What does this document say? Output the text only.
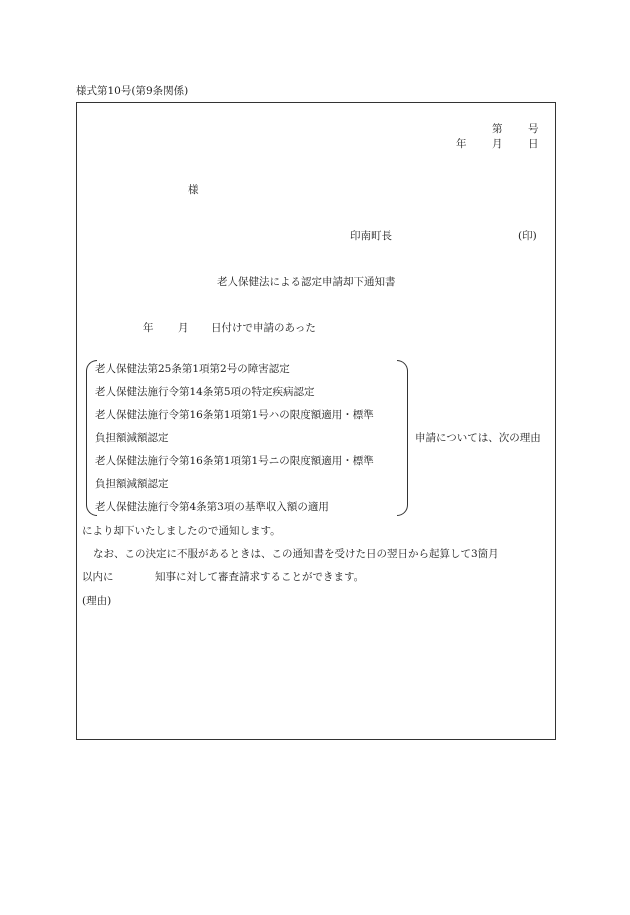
様式第10号(第9条関係)
第 号
年 月 日
様
印南町長	(印)
老人保健法による認定申請却下通知書
年 月 日付けで申請のあった
老人保健法第25条第1項第2号の障害認定
老人保健法施行令第14条第5項の特定疾病認定
老人保健法施行令第16条第1項第1号ハの限度額適用・標準
負担額減額認定
老人保健法施行令第16条第1項第1号ニの限度額適用・標準
負担額減額認定
老人保健法施行令第4条第3項の基準収入額の適用
申請については、次の理由
により却下いたしましたので通知します。
なお、この決定に不服があるときは、この通知書を受けた日の翌日から起算して3箇月
以内に	知事に対して審査請求することができます。
(理由)
